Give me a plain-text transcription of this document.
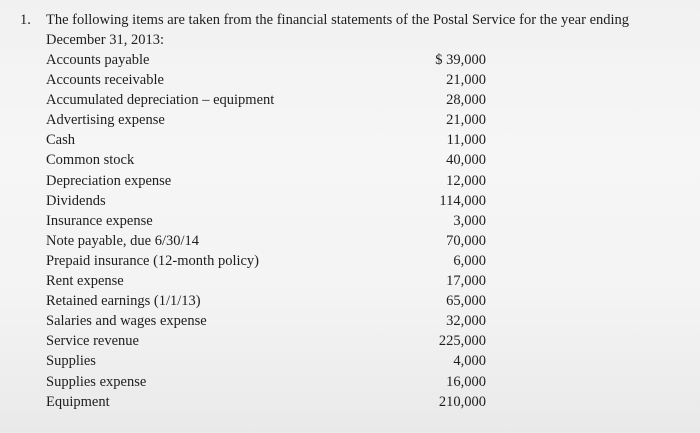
1. The following items are taken from the financial statements of the Postal Service for the year ending
December 31, 2013:
Accounts payable	$ 39,000
Accounts receivable	21,000
Accumulated depreciation – equipment	28,000
Advertising expense	21,000
Cash	11,000
Common stock	40,000
Depreciation expense	12,000
Dividends	114,000
Insurance expense	3,000
Note payable, due 6/30/14	70,000
Prepaid insurance (12-month policy)	6,000
Rent expense	17,000
Retained earnings (1/1/13)	65,000
Salaries and wages expense	32,000
Service revenue	225,000
Supplies	4,000
Supplies expense	16,000
Equipment	210,000
